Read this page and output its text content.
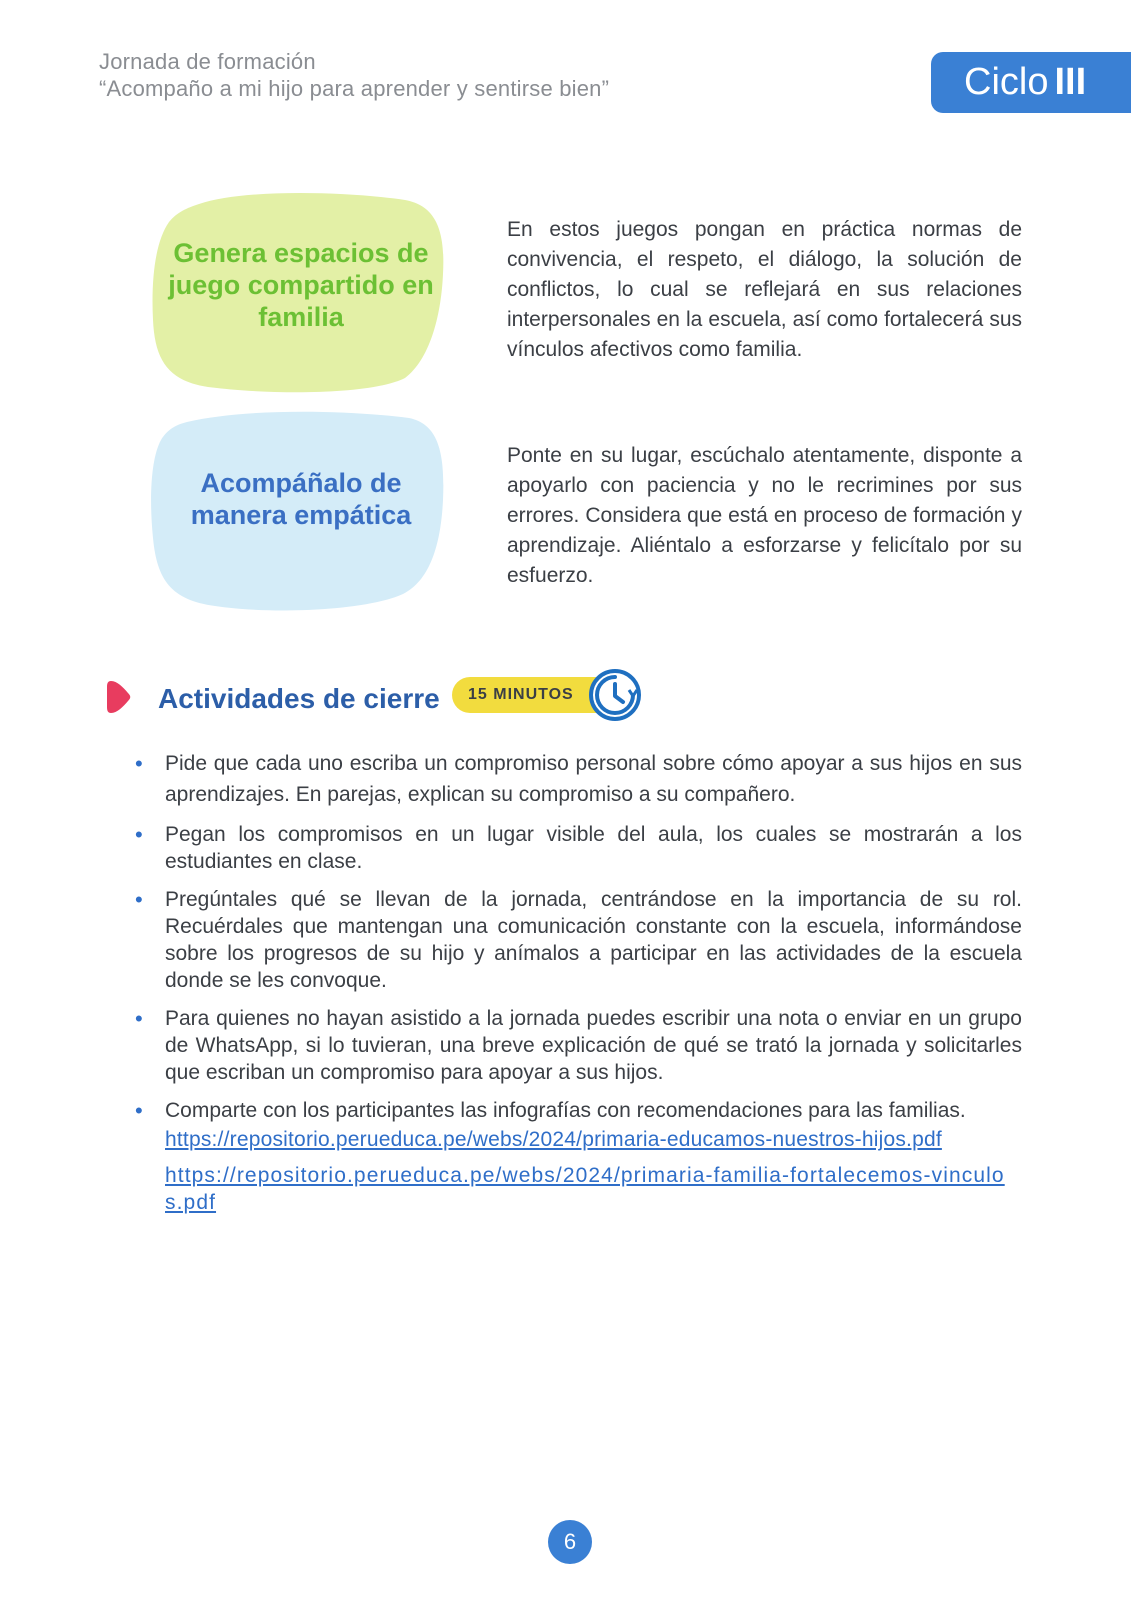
Jornada de formación
“Acompaño a mi hijo para aprender y sentirse bien”	Ciclo III
Genera espacios de juego compartido en familia
En estos juegos pongan en práctica normas de convivencia, el respeto, el diálogo, la solución de conflictos, lo cual se reflejará en sus relaciones interpersonales en la escuela, así como fortalecerá sus vínculos afectivos como familia.
Acompáñalo de manera empática
Ponte en su lugar, escúchalo atentamente, disponte a apoyarlo con paciencia y no le recrimines por sus errores. Considera que está en proceso de formación y aprendizaje. Aliéntalo a esforzarse y felicítalo por su esfuerzo.
Actividades de cierre	15 MINUTOS
• Pide que cada uno escriba un compromiso personal sobre cómo apoyar a sus hijos en sus aprendizajes. En parejas, explican su compromiso a su compañero.
• Pegan los compromisos en un lugar visible del aula, los cuales se mostrarán a los estudiantes en clase.
• Pregúntales qué se llevan de la jornada, centrándose en la importancia de su rol. Recuérdales que mantengan una comunicación constante con la escuela, informándose sobre los progresos de su hijo y anímalos a participar en las actividades de la escuela donde se les convoque.
• Para quienes no hayan asistido a la jornada puedes escribir una nota o enviar en un grupo de WhatsApp, si lo tuvieran, una breve explicación de qué se trató la jornada y solicitarles que escriban un compromiso para apoyar a sus hijos.
• Comparte con los participantes las infografías con recomendaciones para las familias.
https://repositorio.perueduca.pe/webs/2024/primaria-educamos-nuestros-hijos.pdf
https://repositorio.perueduca.pe/webs/2024/primaria-familia-fortalecemos-vinculos.pdf
6
